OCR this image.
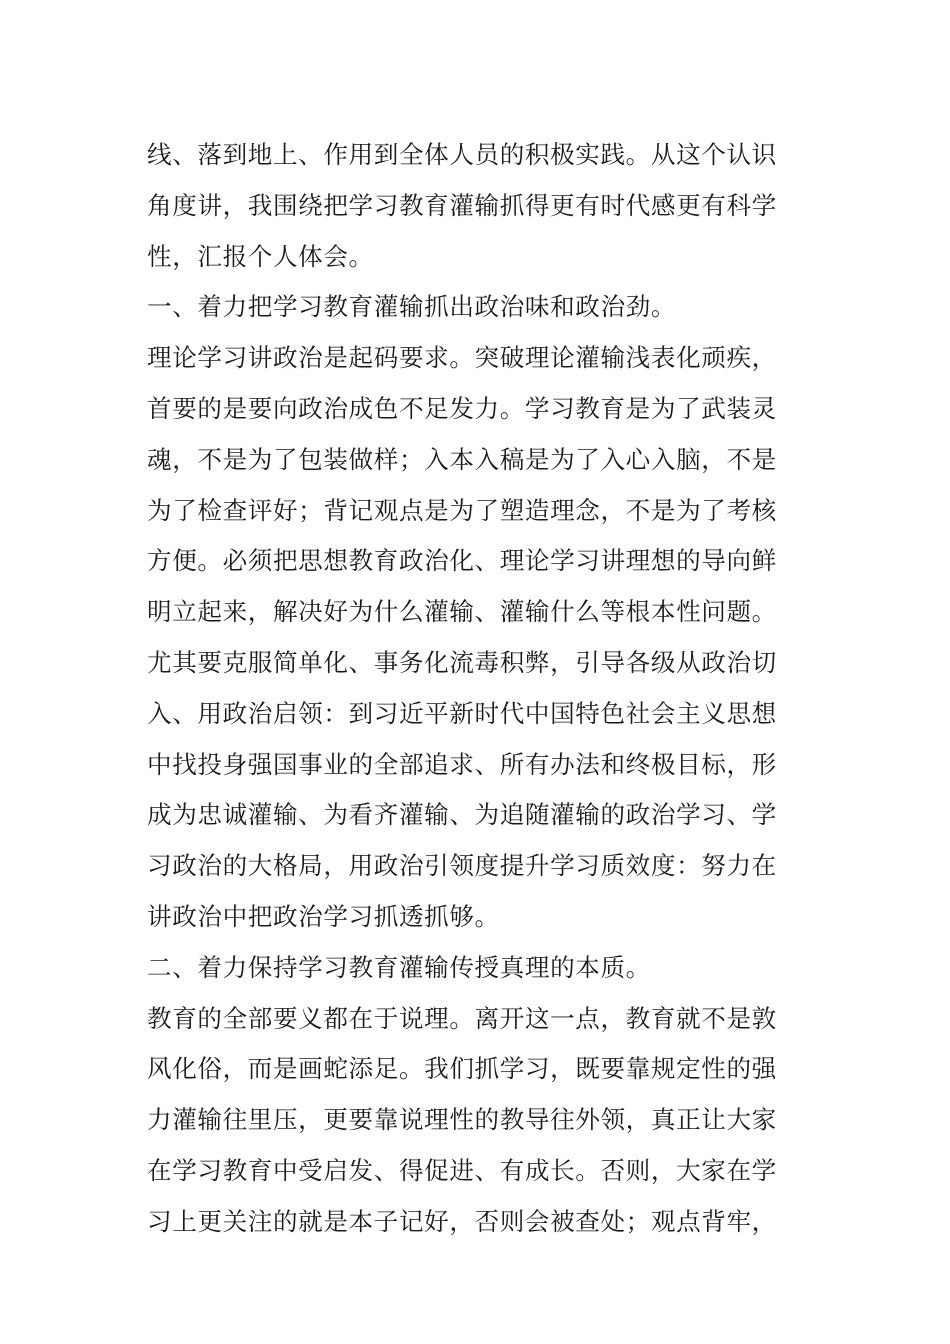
线、落到地上、作用到全体人员的积极实践。从这个认识
角度讲，我围绕把学习教育灌输抓得更有时代感更有科学
性，汇报个人体会。
一、着力把学习教育灌输抓出政治味和政治劲。
理论学习讲政治是起码要求。突破理论灌输浅表化顽疾，
首要的是要向政治成色不足发力。学习教育是为了武装灵
魂，不是为了包装做样；入本入稿是为了入心入脑，不是
为了检查评好；背记观点是为了塑造理念，不是为了考核
方便。必须把思想教育政治化、理论学习讲理想的导向鲜
明立起来，解决好为什么灌输、灌输什么等根本性问题。
尤其要克服简单化、事务化流毒积弊，引导各级从政治切
入、用政治启领：到习近平新时代中国特色社会主义思想
中找投身强国事业的全部追求、所有办法和终极目标，形
成为忠诚灌输、为看齐灌输、为追随灌输的政治学习、学
习政治的大格局，用政治引领度提升学习质效度：努力在
讲政治中把政治学习抓透抓够。
二、着力保持学习教育灌输传授真理的本质。
教育的全部要义都在于说理。离开这一点，教育就不是敦
风化俗，而是画蛇添足。我们抓学习，既要靠规定性的强
力灌输往里压，更要靠说理性的教导往外领，真正让大家
在学习教育中受启发、得促进、有成长。否则，大家在学
习上更关注的就是本子记好，否则会被查处；观点背牢，
